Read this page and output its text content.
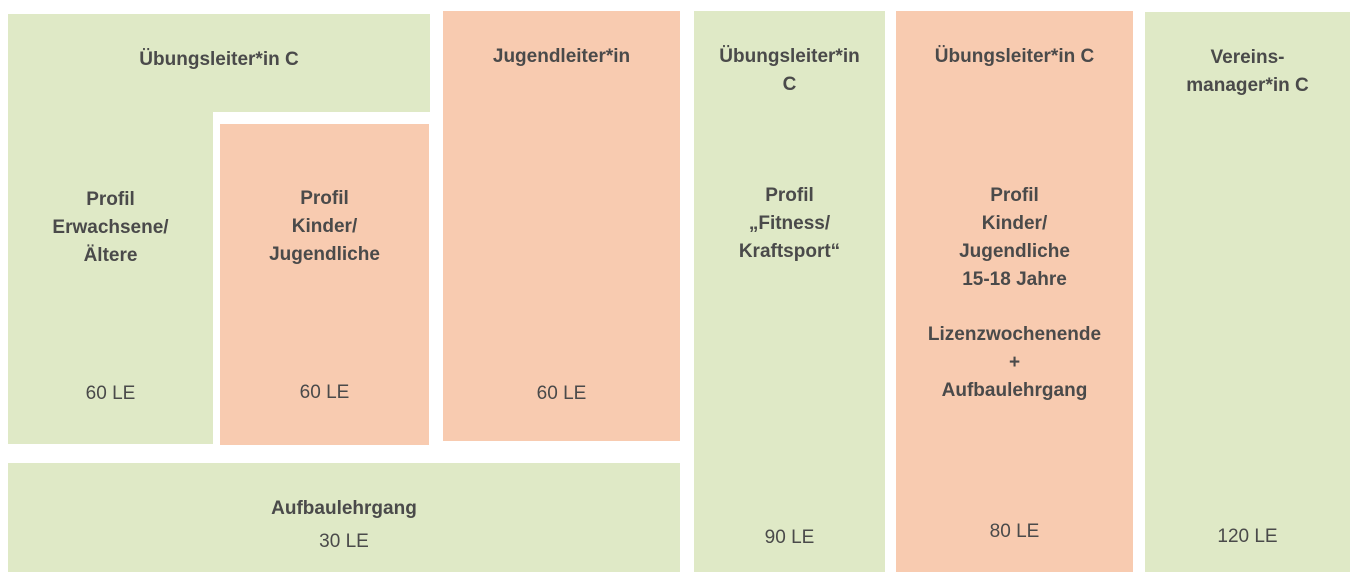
Übungsleiter*in C
Profil
Erwachsene/
Ältere
60 LE
Profil
Kinder/
Jugendliche
60 LE
Jugendleiter*in
60 LE
Aufbaulehrgang
30 LE
Übungsleiter*in
C
Profil
„Fitness/
Kraftsport“
90 LE
Übungsleiter*in C
Profil
Kinder/
Jugendliche
15-18 Jahre
Lizenzwochenende
+
Aufbaulehrgang
80 LE
Vereins-
manager*in C
120 LE
